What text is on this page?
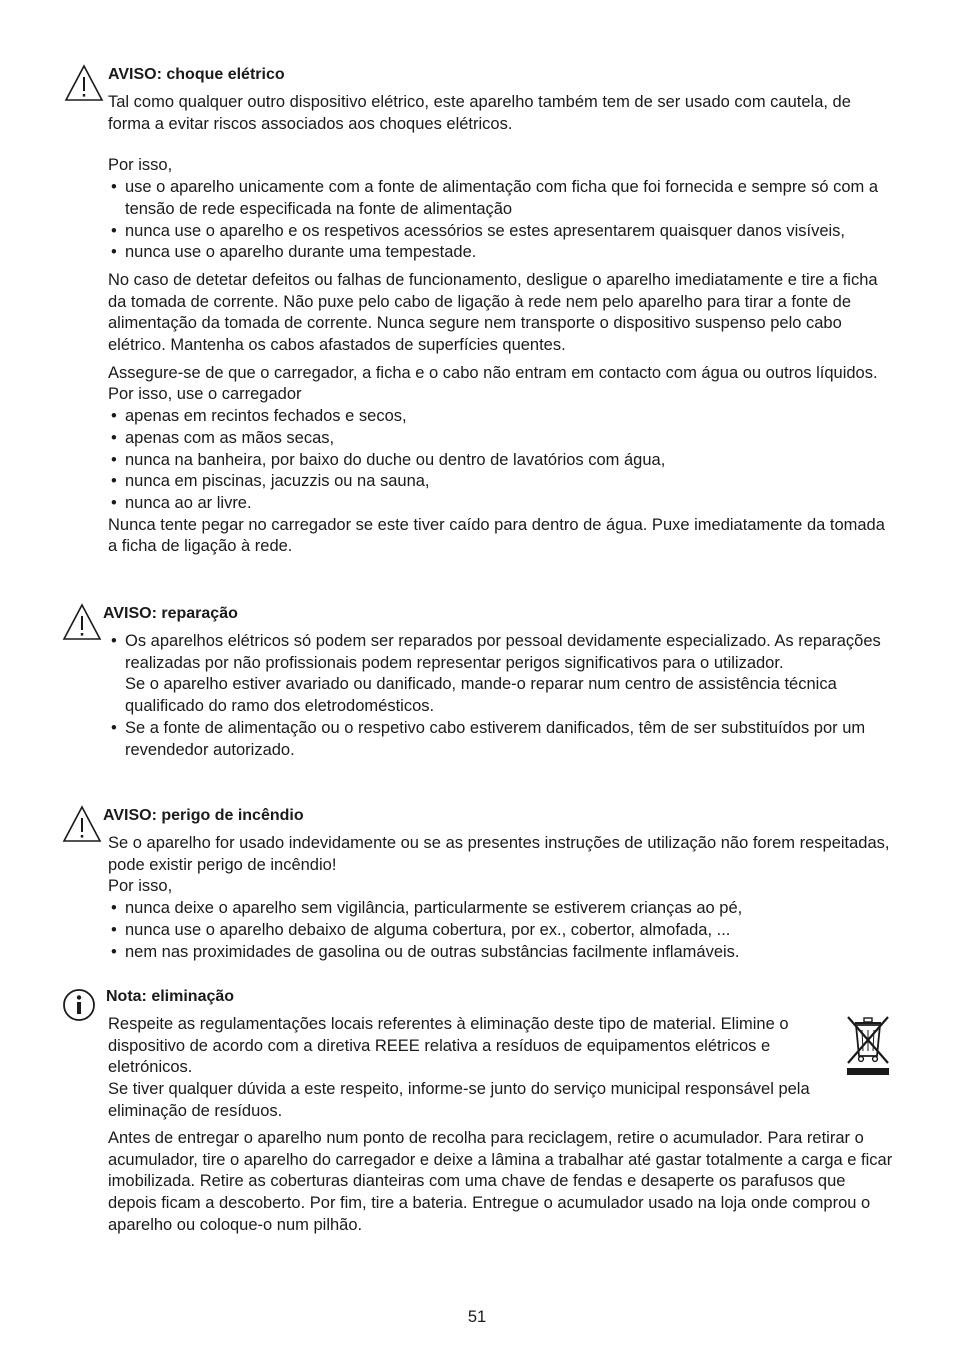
AVISO: choque elétrico

Tal como qualquer outro dispositivo elétrico, este aparelho também tem de ser usado com cautela, de forma a evitar riscos associados aos choques elétricos.

Por isso,

• use o aparelho unicamente com a fonte de alimentação com ficha que foi fornecida e sempre só com a tensão de rede especificada na fonte de alimentação
• nunca use o aparelho e os respetivos acessórios se estes apresentarem quaisquer danos visíveis,
• nunca use o aparelho durante uma tempestade.

No caso de detetar defeitos ou falhas de funcionamento, desligue o aparelho imediatamente e tire a ficha da tomada de corrente. Não puxe pelo cabo de ligação à rede nem pelo aparelho para tirar a fonte de alimentação da tomada de corrente. Nunca segure nem transporte o dispositivo suspenso pelo cabo elétrico. Mantenha os cabos afastados de superfícies quentes.

Assegure-se de que o carregador, a ficha e o cabo não entram em contacto com água ou outros líquidos.

Por isso, use o carregador

• apenas em recintos fechados e secos,
• apenas com as mãos secas,
• nunca na banheira, por baixo do duche ou dentro de lavatórios com água,
• nunca em piscinas, jacuzzis ou na sauna,
• nunca ao ar livre.

Nunca tente pegar no carregador se este tiver caído para dentro de água. Puxe imediatamente da tomada a ficha de ligação à rede.

AVISO: reparação
• Os aparelhos elétricos só podem ser reparados por pessoal devidamente especializado. As reparações realizadas por não profissionais podem representar perigos significativos para o utilizador.

Se o aparelho estiver avariado ou danificado, mande-o reparar num centro de assistência técnica qualificado do ramo dos eletrodomésticos.

• Se a fonte de alimentação ou o respetivo cabo estiverem danificados, têm de ser substituídos por um revendedor autorizado.
AVISO: perigo de incêndio

Se o aparelho for usado indevidamente ou se as presentes instruções de utilização não forem respeitadas, pode existir perigo de incêndio!

Por isso,

• nunca deixe o aparelho sem vigilância, particularmente se estiverem crianças ao pé,
• nunca use o aparelho debaixo de alguma cobertura, por ex., cobertor, almofada, ...
• nem nas proximidades de gasolina ou de outras substâncias facilmente inflamáveis.
Nota: eliminação

Respeite as regulamentações locais referentes à eliminação deste tipo de material. Elimine o dispositivo de acordo com a diretiva REEE relativa a resíduos de equipamentos elétricos e eletrónicos.

Se tiver qualquer dúvida a este respeito, informe-se junto do serviço municipal responsável pela eliminação de resíduos.

Antes de entregar o aparelho num ponto de recolha para reciclagem, retire o acumulador. Para retirar o acumulador, tire o aparelho do carregador e deixe a lâmina a trabalhar até gastar totalmente a carga e ficar imobilizada. Retire as coberturas dianteiras com uma chave de fendas e desaperte os parafusos que depois ficam a descoberto. Por fim, tire a bateria. Entregue o acumulador usado na loja onde comprou o aparelho ou coloque-o num pilhão.

51
